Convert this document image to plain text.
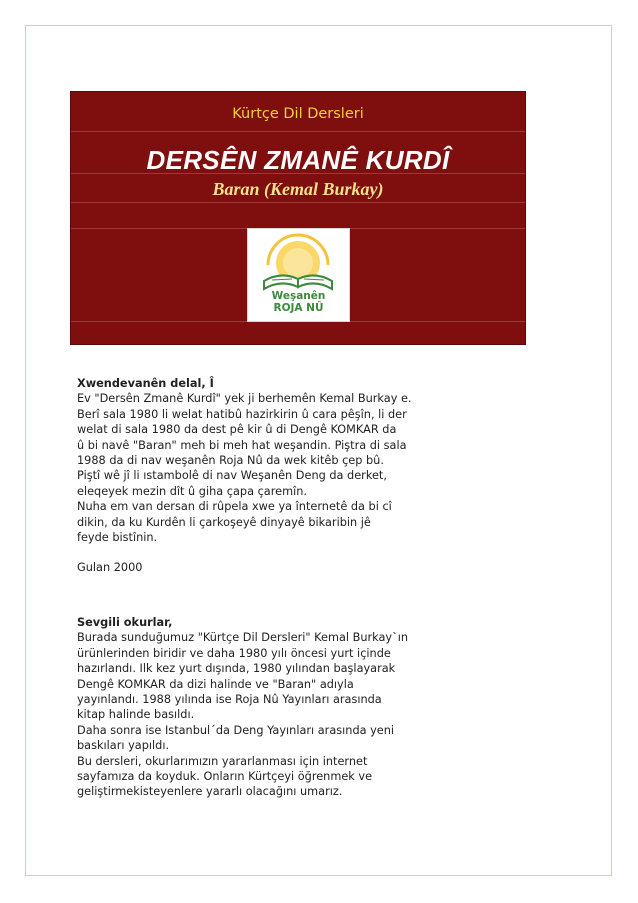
Kürtçe Dil Dersleri
DERSÊN ZMANÊ KURDÎ
Baran (Kemal Burkay)
Weşanên
ROJA NÛ

Xwendevanên delal, Î

Ev "Dersên Zmanê Kurdî" yek ji berhemên Kemal Burkay e.

Berî sala 1980 li welat hatibû hazirkirin û cara pêşîn, li der

welat di sala 1980 da dest pê kir û di Dengê KOMKAR da

û bi navê "Baran" meh bi meh hat weşandin. Piştra di sala

1988 da di nav weşanên Roja Nû da wek kitêb çep bû.

Piştî wê jî li ıstambolê di nav Weşanên Deng da derket,

eleqeyek mezin dît û giha çapa çaremîn.

Nuha em van dersan di rûpela xwe ya înternetê da bi cî

dikin, da ku Kurdên li çarkoşeyê dinyayê bikaribin jê

feyde bistînin.

Gulan 2000

Sevgili okurlar,

Burada sunduğumuz "Kürtçe Dil Dersleri" Kemal Burkay`ın

ürünlerinden biridir ve daha 1980 yılı öncesi yurt içinde

hazırlandı. Ilk kez yurt dışında, 1980 yılından başlayarak

Dengê KOMKAR da dizi halinde ve "Baran" adıyla

yayınlandı. 1988 yılında ise Roja Nû Yayınları arasında

kitap halinde basıldı.

Daha sonra ise Istanbul´da Deng Yayınları arasında yeni

baskıları yapıldı.

Bu dersleri, okurlarımızın yararlanması için internet

sayfamıza da koyduk. Onların Kürtçeyi öğrenmek ve

geliştirmekisteyenlere yararlı olacağını umarız.
